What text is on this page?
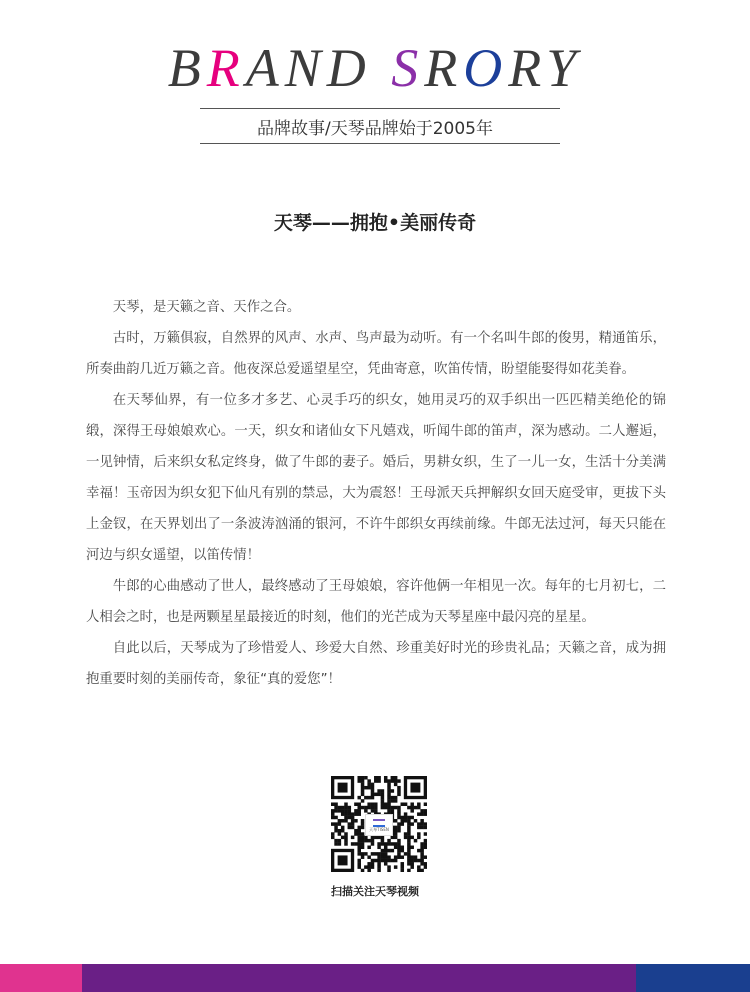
BRAND SRORY
品牌故事/天琴品牌始于2005年
天琴——拥抱•美丽传奇

天琴，是天籁之音、天作之合。

古时，万籁俱寂，自然界的风声、水声、鸟声最为动听。有一个名叫牛郎的俊男，精通笛乐，所奏曲韵几近万籁之音。他夜深总爱遥望星空，凭曲寄意，吹笛传情，盼望能娶得如花美眷。

在天琴仙界，有一位多才多艺、心灵手巧的织女，她用灵巧的双手织出一匹匹精美绝伦的锦缎，深得王母娘娘欢心。一天，织女和诸仙女下凡嬉戏，听闻牛郎的笛声，深为感动。二人邂逅，一见钟情，后来织女私定终身，做了牛郎的妻子。婚后，男耕女织，生了一儿一女，生活十分美满幸福！玉帝因为织女犯下仙凡有别的禁忌，大为震怒！王母派天兵押解织女回天庭受审，更拔下头上金钗，在天界划出了一条波涛汹涌的银河，不许牛郎织女再续前缘。牛郎无法过河，每天只能在河边与织女遥望，以笛传情！

牛郎的心曲感动了世人，最终感动了王母娘娘，容许他俩一年相见一次。每年的七月初七，二人相会之时，也是两颗星星最接近的时刻，他们的光芒成为天琴星座中最闪亮的星星。

自此以后，天琴成为了珍惜爱人、珍爱大自然、珍重美好时光的珍贵礼品；天籁之音，成为拥抱重要时刻的美丽传奇，象征“真的爱您”！

天琴TISEN
扫描关注天琴视频
